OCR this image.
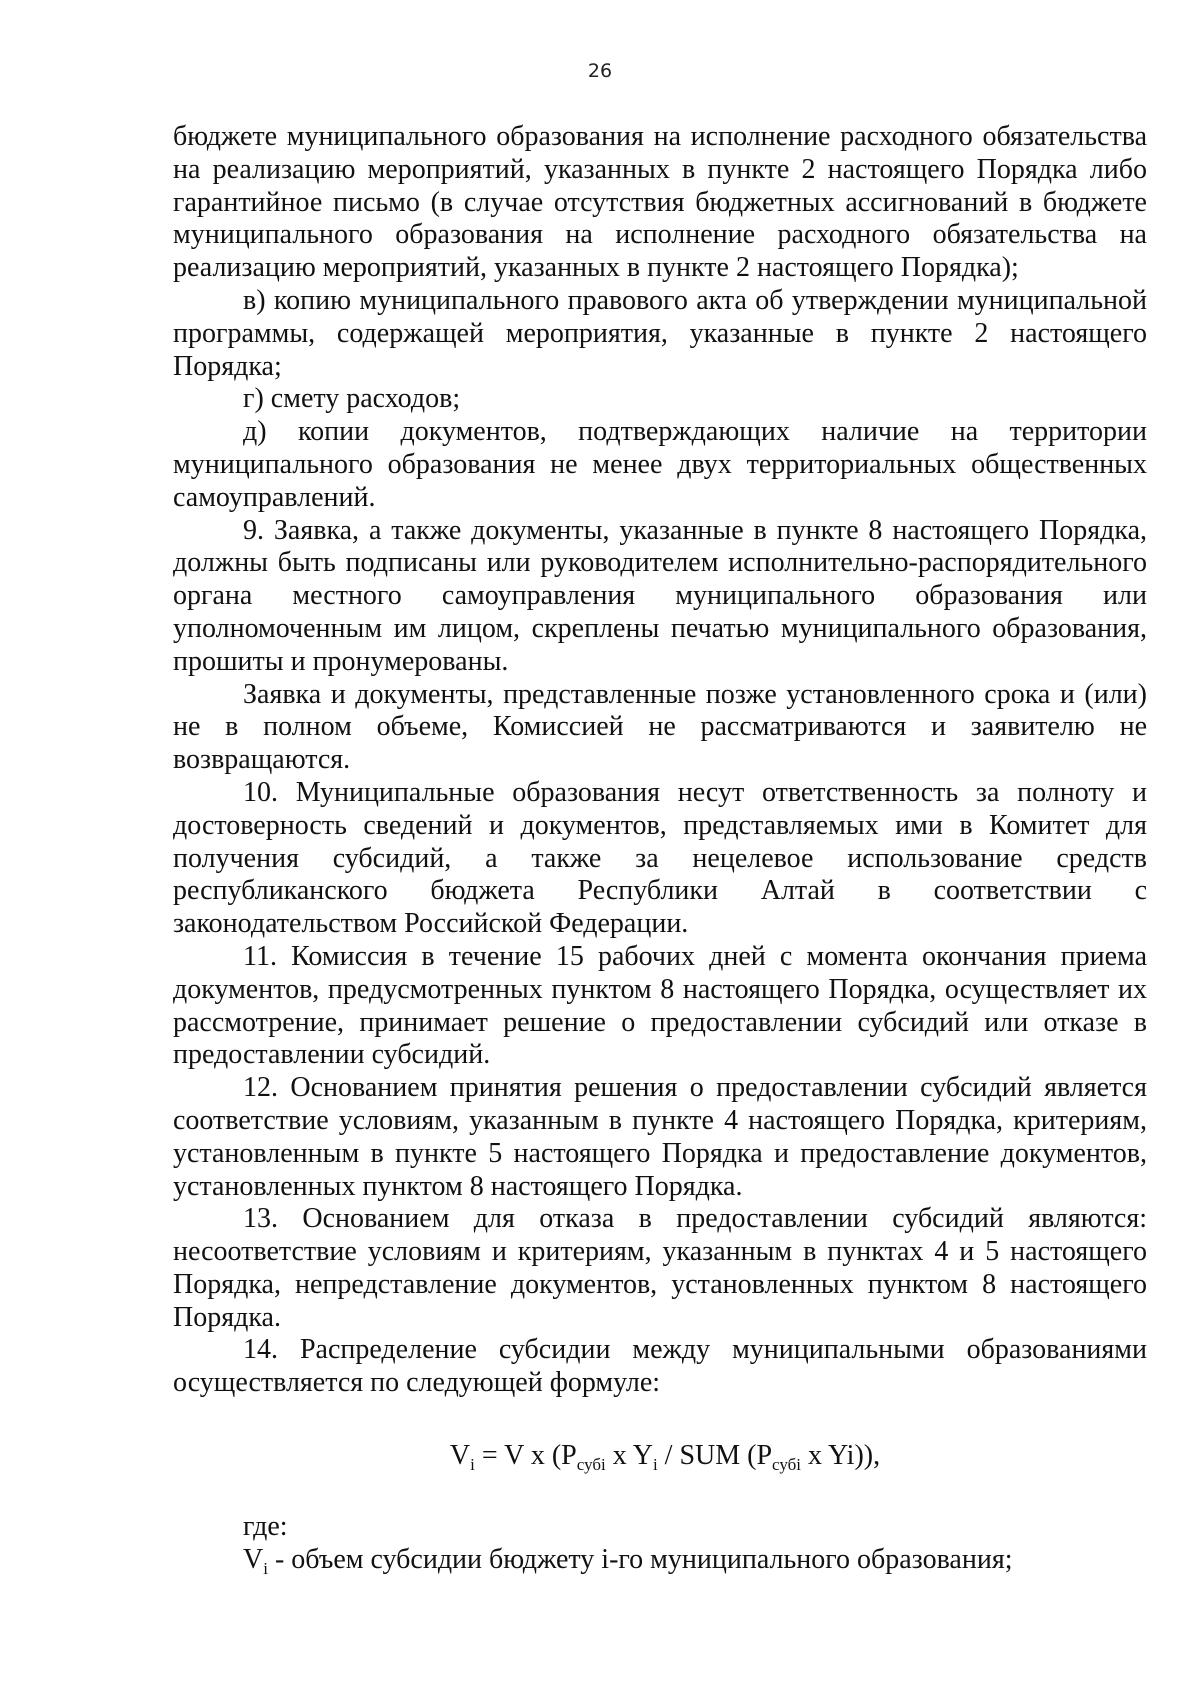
26

бюджете муниципального образования на исполнение расходного обязательства на реализацию мероприятий, указанных в пункте 2 настоящего Порядка либо гарантийное письмо (в случае отсутствия бюджетных ассигнований в бюджете муниципального образования на исполнение расходного обязательства на реализацию мероприятий, указанных в пункте 2 настоящего Порядка);

в) копию муниципального правового акта об утверждении муниципальной программы, содержащей мероприятия, указанные в пункте 2 настоящего Порядка;

г) смету расходов;

д) копии документов, подтверждающих наличие на территории муниципального образования не менее двух территориальных общественных самоуправлений.

9. Заявка, а также документы, указанные в пункте 8 настоящего Порядка, должны быть подписаны или руководителем исполнительно-распорядительного органа местного самоуправления муниципального образования или уполномоченным им лицом, скреплены печатью муниципального образования, прошиты и пронумерованы.

Заявка и документы, представленные позже установленного срока и (или) не в полном объеме, Комиссией не рассматриваются и заявителю не возвращаются.

10. Муниципальные образования несут ответственность за полноту и достоверность сведений и документов, представляемых ими в Комитет для получения субсидий, а также за нецелевое использование средств республиканского бюджета Республики Алтай в соответствии с законодательством Российской Федерации.

11. Комиссия в течение 15 рабочих дней с момента окончания приема документов, предусмотренных пунктом 8 настоящего Порядка, осуществляет их рассмотрение, принимает решение о предоставлении субсидий или отказе в предоставлении субсидий.

12. Основанием принятия решения о предоставлении субсидий является соответствие условиям, указанным в пункте 4 настоящего Порядка, критериям, установленным в пункте 5 настоящего Порядка и предоставление документов, установленных пунктом 8 настоящего Порядка.

13. Основанием для отказа в предоставлении субсидий являются: несоответствие условиям и критериям, указанным в пунктах 4 и 5 настоящего Порядка, непредставление документов, установленных пунктом 8 настоящего Порядка.

14. Распределение субсидии между муниципальными образованиями осуществляется по следующей формуле:

$V_i = V$ x ($P_{субi}$ x $Y_i$ / SUM ($P_{субi}$ x Yi)),

где:

$V_i$ - объем субсидии бюджету i-го муниципального образования;
